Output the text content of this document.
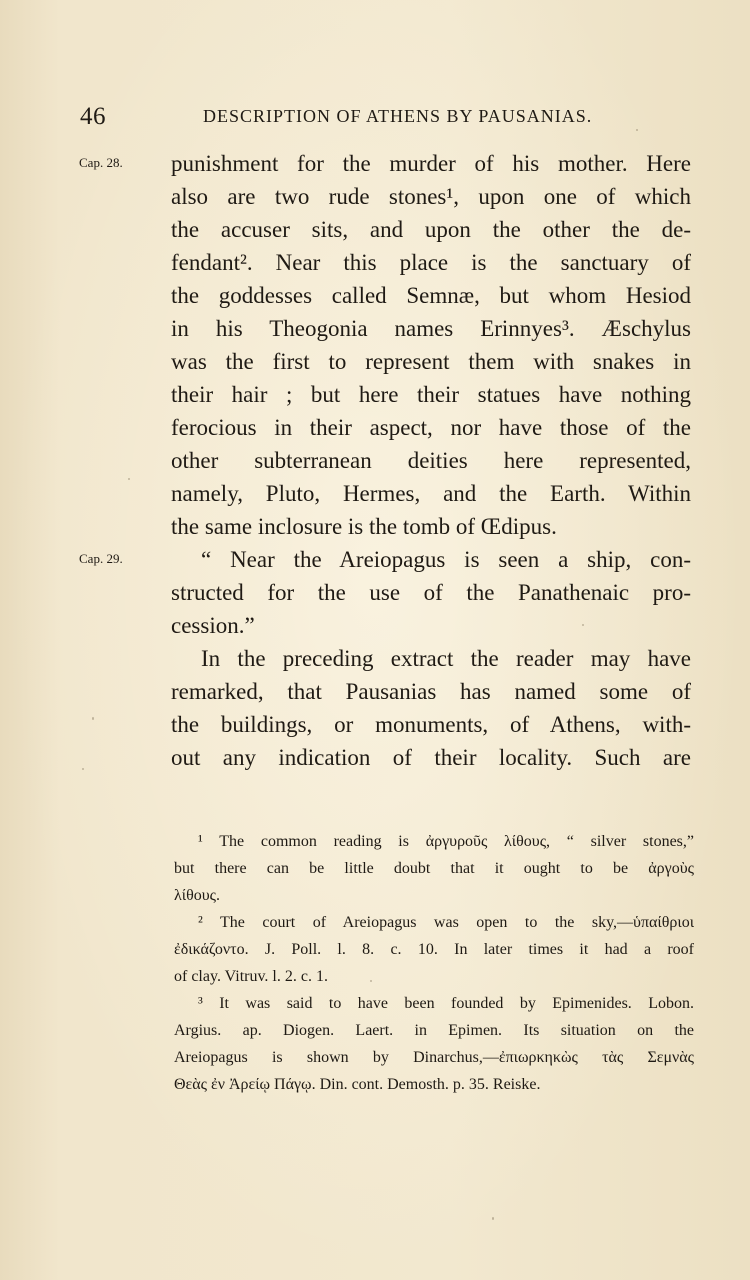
46	DESCRIPTION OF ATHENS BY PAUSANIAS.
Cap. 28.
Cap. 29.
punishment for the murder of his mother. Here
also are two rude stones¹, upon one of which
the accuser sits, and upon the other the de-
fendant². Near this place is the sanctuary of
the goddesses called Semnæ, but whom Hesiod
in his Theogonia names Erinnyes³. Æschylus
was the first to represent them with snakes in
their hair ; but here their statues have nothing
ferocious in their aspect, nor have those of the
other subterranean deities here represented,
namely, Pluto, Hermes, and the Earth. Within
the same inclosure is the tomb of Œdipus.
“ Near the Areiopagus is seen a ship, con-
structed for the use of the Panathenaic pro-
cession.”
In the preceding extract the reader may have
remarked, that Pausanias has named some of
the buildings, or monuments, of Athens, with-
out any indication of their locality. Such are
¹ The common reading is ἀργυροῦς λίθους, “ silver stones,”
but there can be little doubt that it ought to be ἀργοὺς
λίθους.
² The court of Areiopagus was open to the sky,—ὑπαίθριοι
ἐδικάζοντο. J. Poll. l. 8. c. 10. In later times it had a roof
of clay. Vitruv. l. 2. c. 1.
³ It was said to have been founded by Epimenides. Lobon.
Argius. ap. Diogen. Laert. in Epimen. Its situation on the
Areiopagus is shown by Dinarchus,—ἐπιωρκηκὼς τὰς Σεμνὰς
Θεὰς ἐν Ἀρείῳ Πάγῳ. Din. cont. Demosth. p. 35. Reiske.
